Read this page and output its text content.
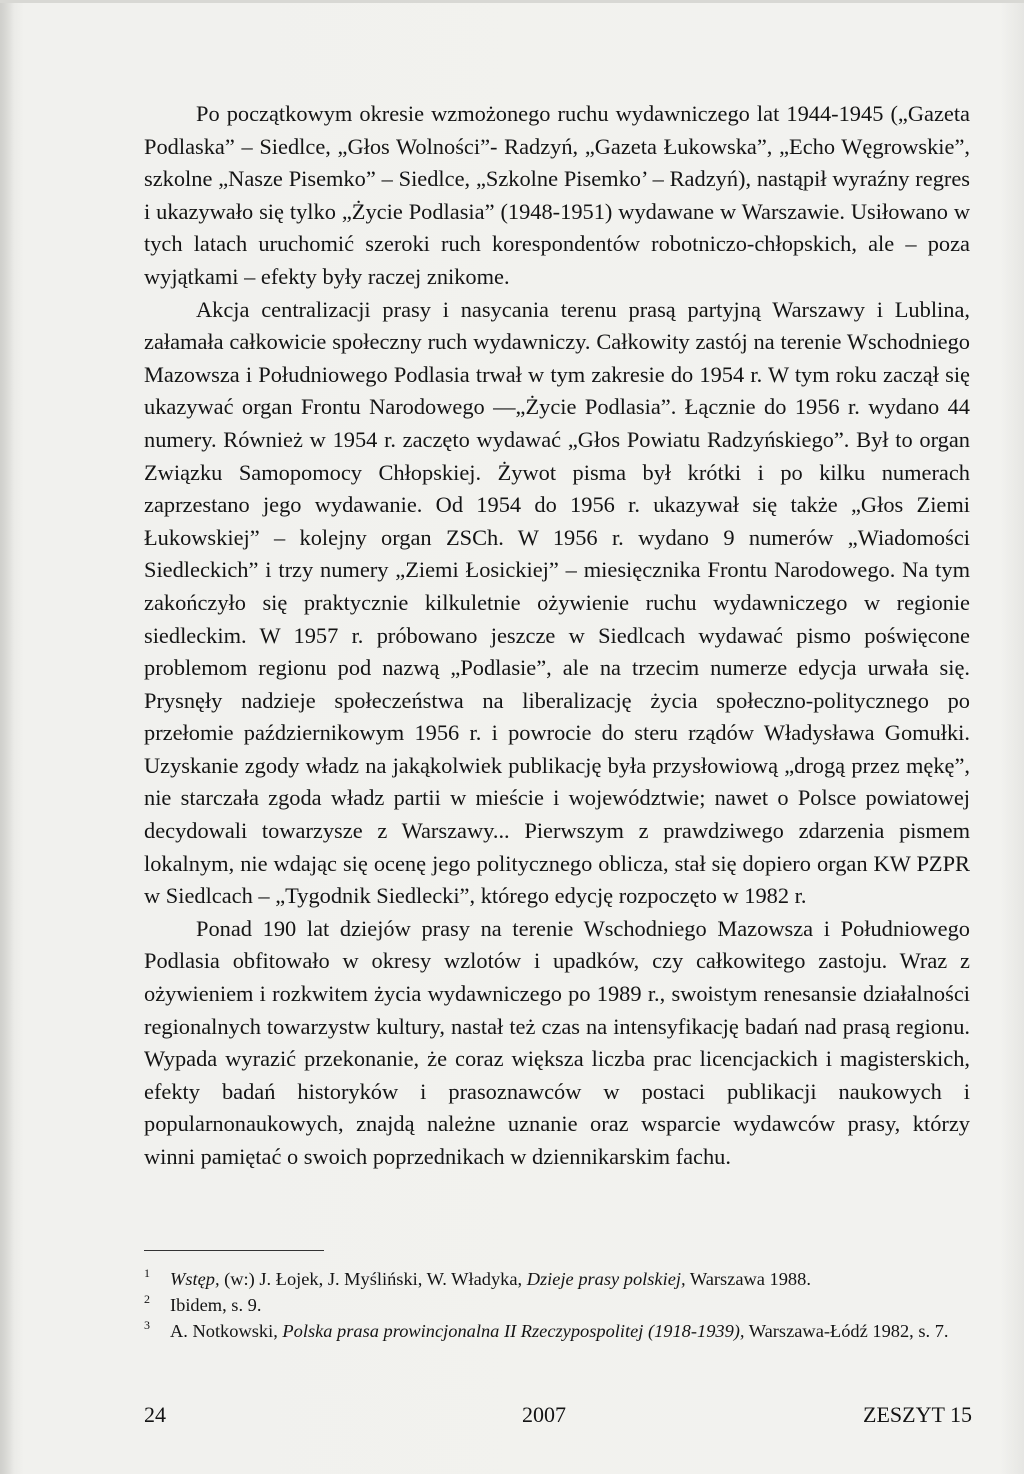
Po początkowym okresie wzmożonego ruchu wydawniczego lat 1944-1945 („Gazeta Podlaska” – Siedlce, „Głos Wolności”- Radzyń, „Gazeta Łukowska”, „Echo Węgrowskie”, szkolne „Nasze Pisemko” – Siedlce, „Szkolne Pisemko’ – Radzyń), nastąpił wyraźny regres i ukazywało się tylko „Życie Podlasia” (1948-1951) wydawane w Warszawie. Usiłowano w tych latach uruchomić szeroki ruch korespondentów robotniczo-chłopskich, ale – poza wyjątkami – efekty były raczej znikome.

Akcja centralizacji prasy i nasycania terenu prasą partyjną Warszawy i Lublina, załamała całkowicie społeczny ruch wydawniczy. Całkowity zastój na terenie Wschodniego Mazowsza i Południowego Podlasia trwał w tym zakresie do 1954 r. W tym roku zaczął się ukazywać organ Frontu Narodowego —„Życie Podlasia”. Łącznie do 1956 r. wydano 44 numery. Również w 1954 r. zaczęto wydawać „Głos Powiatu Radzyńskiego”. Był to organ Związku Samopomocy Chłopskiej. Żywot pisma był krótki i po kilku numerach zaprzestano jego wydawanie. Od 1954 do 1956 r. ukazywał się także „Głos Ziemi Łukowskiej” – kolejny organ ZSCh. W 1956 r. wydano 9 numerów „Wiadomości Siedleckich” i trzy numery „Ziemi Łosickiej” – miesięcznika Frontu Narodowego. Na tym zakończyło się praktycznie kilkuletnie ożywienie ruchu wydawniczego w regionie siedleckim. W 1957 r. próbowano jeszcze w Siedlcach wydawać pismo poświęcone problemom regionu pod nazwą „Podlasie”, ale na trzecim numerze edycja urwała się. Prysnęły nadzieje społeczeństwa na liberalizację życia społeczno-politycznego po przełomie październikowym 1956 r. i powrocie do steru rządów Władysława Gomułki. Uzyskanie zgody władz na jakąkolwiek publikację była przysłowiową „drogą przez mękę”, nie starczała zgoda władz partii w mieście i województwie; nawet o Polsce powiatowej decydowali towarzysze z Warszawy... Pierwszym z prawdziwego zdarzenia pismem lokalnym, nie wdając się ocenę jego politycznego oblicza, stał się dopiero organ KW PZPR w Siedlcach – „Tygodnik Siedlecki”, którego edycję rozpoczęto w 1982 r.

Ponad 190 lat dziejów prasy na terenie Wschodniego Mazowsza i Południowego Podlasia obfitowało w okresy wzlotów i upadków, czy całkowitego zastoju. Wraz z ożywieniem i rozkwitem życia wydawniczego po 1989 r., swoistym renesansie działalności regionalnych towarzystw kultury, nastał też czas na intensyfikację badań nad prasą regionu. Wypada wyrazić przekonanie, że coraz większa liczba prac licencjackich i magisterskich, efekty badań historyków i prasoznawców w postaci publikacji naukowych i popularnonaukowych, znajdą należne uznanie oraz wsparcie wydawców prasy, którzy winni pamiętać o swoich poprzednikach w dziennikarskim fachu.

1 Wstęp, (w:) J. Łojek, J. Myśliński, W. Władyka, Dzieje prasy polskiej, Warszawa 1988.
2 Ibidem, s. 9.
3 A. Notkowski, Polska prasa prowincjonalna II Rzeczypospolitej (1918-1939), Warszawa-Łódź 1982, s. 7.
24	2007	ZESZYT 15
